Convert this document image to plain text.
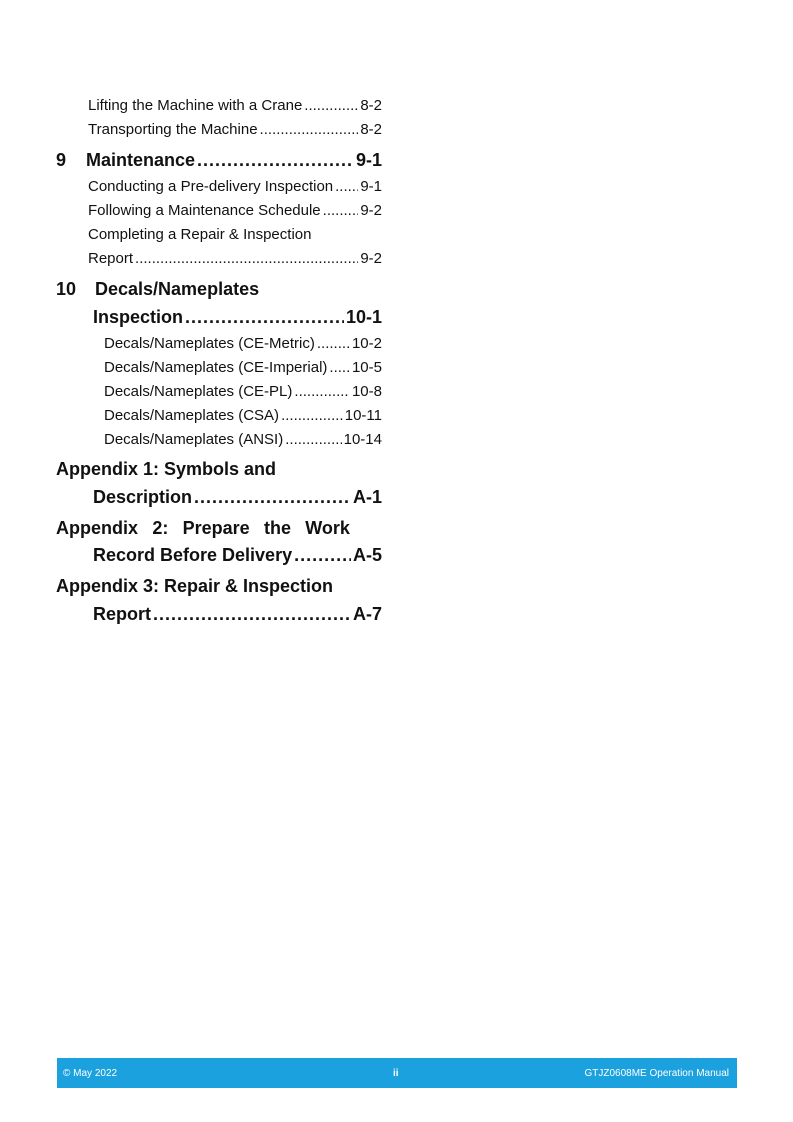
Lifting the Machine with a Crane .....	8-2
Transporting the Machine .....	8-2
9 Maintenance .....	9-1
Conducting a Pre-delivery Inspection ..... 9-1
Following a Maintenance Schedule .....	9-2
Completing a Repair & Inspection
Report .....	9-2
10 Decals/Nameplates
Inspection .....	10-1
Decals/Nameplates (CE-Metric) ..... 10-2
Decals/Nameplates (CE-Imperial) ..... 10-5
Decals/Nameplates (CE-PL) .....	10-8
Decals/Nameplates (CSA) .....	10-11
Decals/Nameplates (ANSI) .....	10-14
Appendix 1: Symbols and
Description .....	A-1
Appendix 2: Prepare the Work
Record Before Delivery .....	A-5
Appendix 3: Repair & Inspection
Report .....	A-7
© May 2022	ii	GTJZ0608ME Operation Manual
